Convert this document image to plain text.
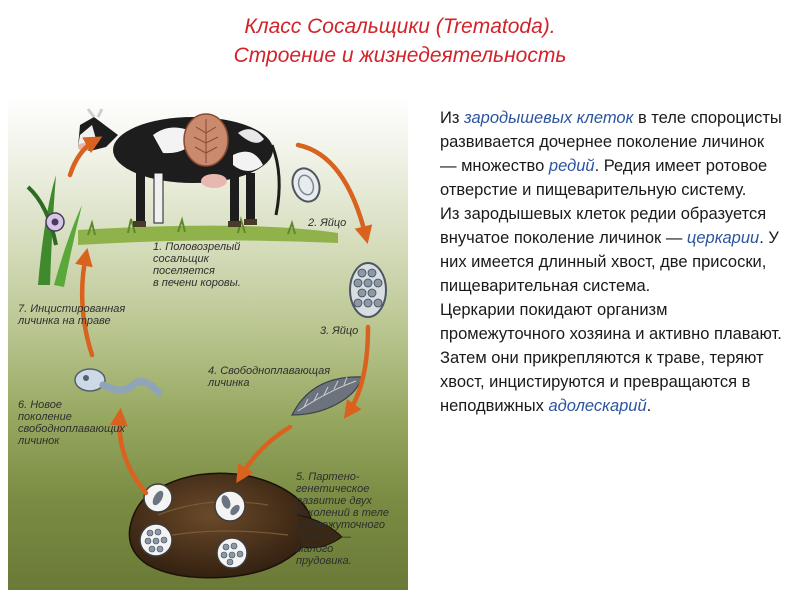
Класс Сосальщики (Trematoda).
Строение и жизнедеятельность
1. Половозрелый
сосальщик
поселяется
в печени коровы.
2. Яйцо
3. Яйцо
4. Свободноплавающая
личинка
5. Партено-
генетическое
развитие двух
поколений в теле
промежуточного
хозяина —
малого
прудовика.
6. Новое
поколение
свободноплавающих
личинок
7. Инцистированная
личинка на траве

Из зародышевых клеток в теле спороцисты развивается дочернее поколение личинок — множество редий. Редия имеет ротовое отверстие и пищеварительную систему.

Из зародышевых клеток редии образуется внучатое поколение личинок — церкарии. У них имеется длинный хвост, две присоски, пищеварительная система.

Церкарии покидают организм промежуточного хозяина и активно плавают. Затем они прикрепляются к траве, теряют хвост, инцистируются и превращаются в неподвижных адолескарий.
